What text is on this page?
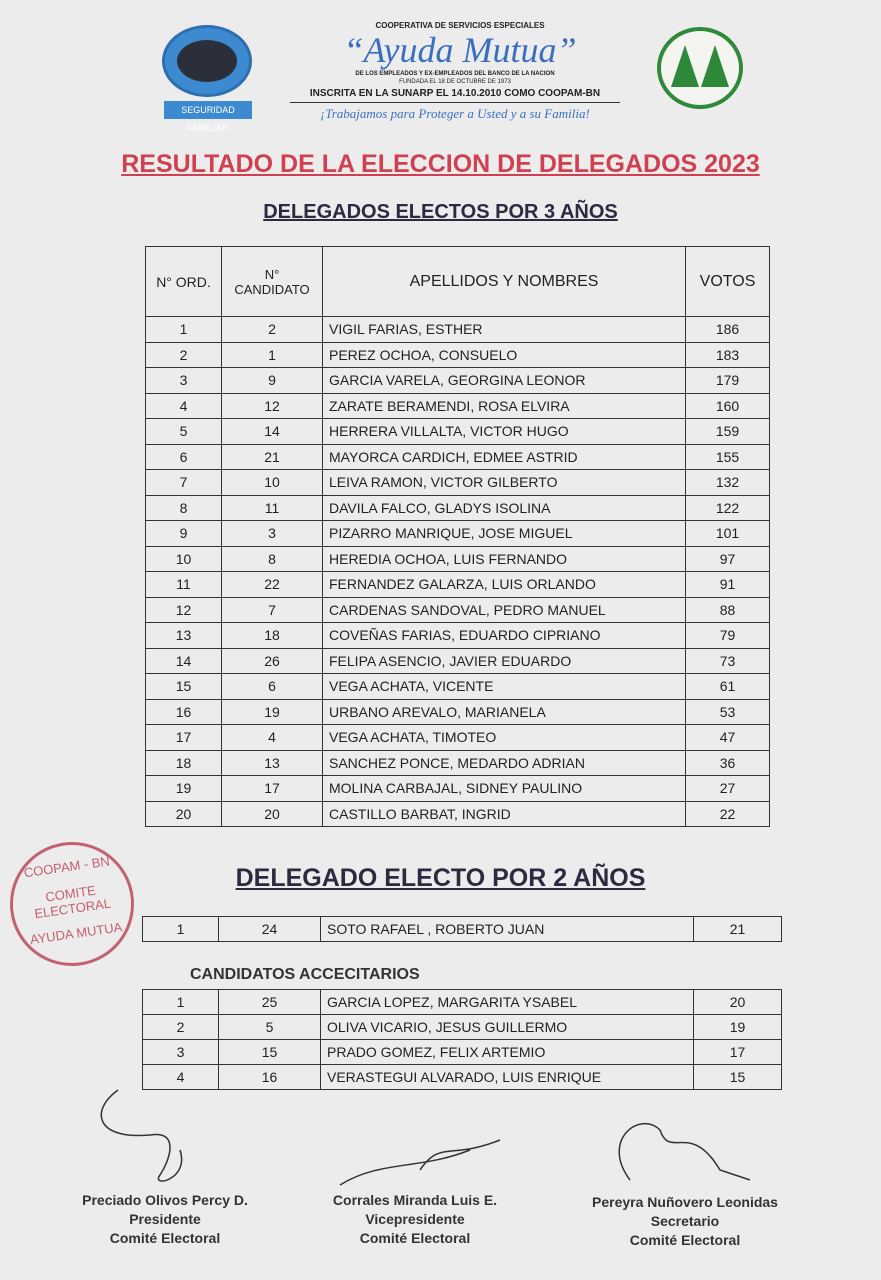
SEGURIDAD FAMILIAR
COOPERATIVA DE SERVICIOS ESPECIALES
“Ayuda Mutua”
DE LOS EMPLEADOS Y EX-EMPLEADOS DEL BANCO DE LA NACION
FUNDADA EL 18 DE OCTUBRE DE 1973
INSCRITA EN LA SUNARP EL 14.10.2010 COMO COOPAM-BN
¡Trabajamos para Proteger a Usted y a su Familia!
RESULTADO DE LA ELECCION DE DELEGADOS 2023
DELEGADOS ELECTOS POR 3 AÑOS
N° ORD.	N° CANDIDATO	APELLIDOS Y NOMBRES	VOTOS
1	2	VIGIL FARIAS, ESTHER	186
2	1	PEREZ OCHOA, CONSUELO	183
3	9	GARCIA VARELA, GEORGINA LEONOR	179
4	12	ZARATE BERAMENDI, ROSA ELVIRA	160
5	14	HERRERA VILLALTA, VICTOR HUGO	159
6	21	MAYORCA CARDICH, EDMEE ASTRID	155
7	10	LEIVA RAMON, VICTOR GILBERTO	132
8	11	DAVILA FALCO, GLADYS ISOLINA	122
9	3	PIZARRO MANRIQUE, JOSE MIGUEL	101
10	8	HEREDIA OCHOA, LUIS FERNANDO	97
11	22	FERNANDEZ GALARZA, LUIS ORLANDO	91
12	7	CARDENAS SANDOVAL, PEDRO MANUEL	88
13	18	COVEÑAS FARIAS, EDUARDO CIPRIANO	79
14	26	FELIPA ASENCIO, JAVIER EDUARDO	73
15	6	VEGA ACHATA, VICENTE	61
16	19	URBANO AREVALO, MARIANELA	53
17	4	VEGA ACHATA, TIMOTEO	47
18	13	SANCHEZ PONCE, MEDARDO ADRIAN	36
19	17	MOLINA CARBAJAL, SIDNEY PAULINO	27
20	20	CASTILLO BARBAT, INGRID	22
COOPAM - BN
COMITE ELECTORAL
AYUDA MUTUA
DELEGADO ELECTO POR 2 AÑOS
1	24	SOTO RAFAEL , ROBERTO JUAN	21
CANDIDATOS ACCECITARIOS
1	25	GARCIA LOPEZ, MARGARITA YSABEL	20
2	5	OLIVA VICARIO, JESUS GUILLERMO	19
3	15	PRADO GOMEZ, FELIX ARTEMIO	17
4	16	VERASTEGUI ALVARADO, LUIS ENRIQUE	15
Preciado Olivos Percy D.
Presidente
Comité Electoral
Corrales Miranda Luis E.
Vicepresidente
Comité Electoral
Pereyra Nuñovero Leonidas
Secretario
Comité Electoral
